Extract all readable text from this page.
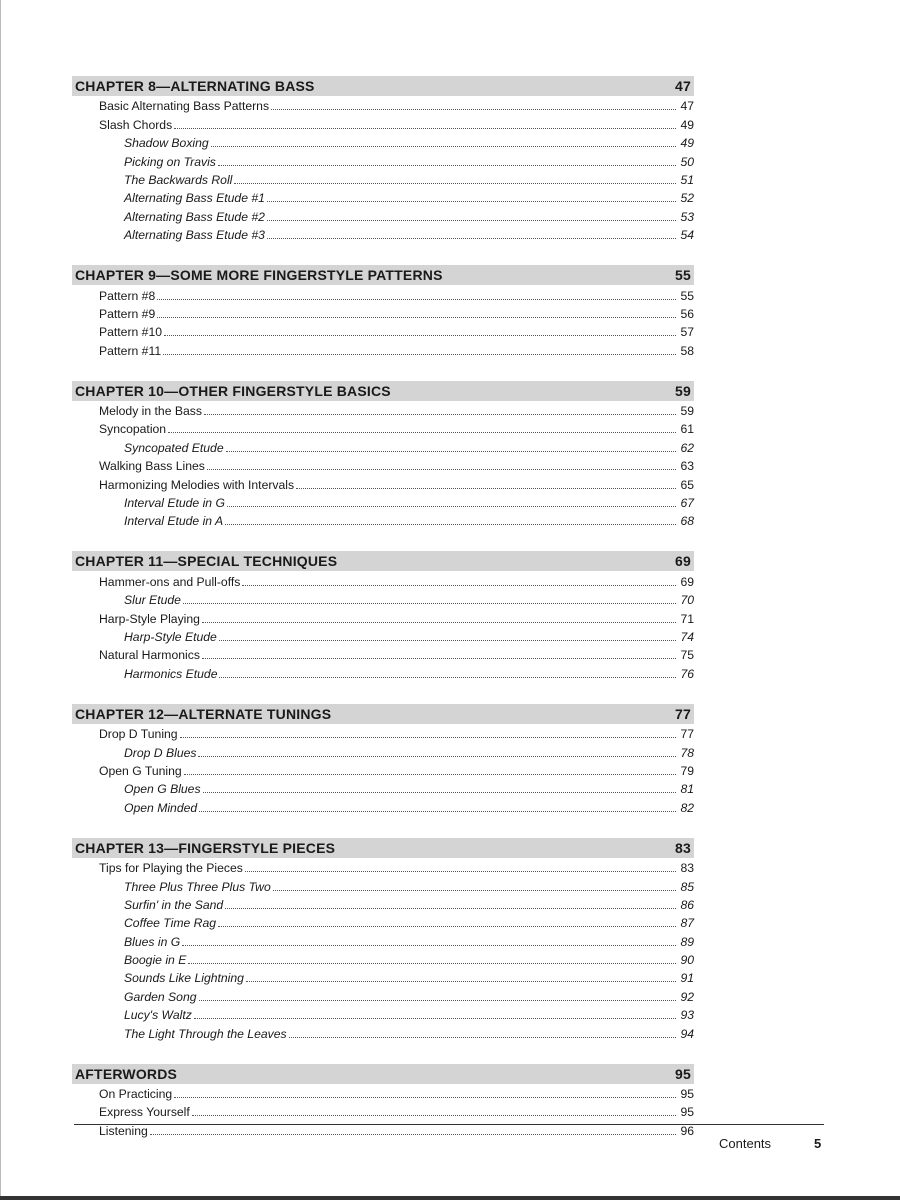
CHAPTER 8—ALTERNATING BASS	47
Basic Alternating Bass Patterns	47
Slash Chords	49
Shadow Boxing	49
Picking on Travis	50
The Backwards Roll	51
Alternating Bass Etude #1	52
Alternating Bass Etude #2	53
Alternating Bass Etude #3	54
CHAPTER 9—SOME MORE FINGERSTYLE PATTERNS	55
Pattern #8	55
Pattern #9	56
Pattern #10	57
Pattern #11	58
CHAPTER 10—OTHER FINGERSTYLE BASICS	59
Melody in the Bass	59
Syncopation	61
Syncopated Etude	62
Walking Bass Lines	63
Harmonizing Melodies with Intervals	65
Interval Etude in G	67
Interval Etude in A	68
CHAPTER 11—SPECIAL TECHNIQUES	69
Hammer-ons and Pull-offs	69
Slur Etude	70
Harp-Style Playing	71
Harp-Style Etude	74
Natural Harmonics	75
Harmonics Etude	76
CHAPTER 12—ALTERNATE TUNINGS	77
Drop D Tuning	77
Drop D Blues	78
Open G Tuning	79
Open G Blues	81
Open Minded	82
CHAPTER 13—FINGERSTYLE PIECES	83
Tips for Playing the Pieces	83
Three Plus Three Plus Two	85
Surfin' in the Sand	86
Coffee Time Rag	87
Blues in G	89
Boogie in E	90
Sounds Like Lightning	91
Garden Song	92
Lucy's Waltz	93
The Light Through the Leaves	94
AFTERWORDS	95
On Practicing	95
Express Yourself	95
Listening	96
Contents	5
